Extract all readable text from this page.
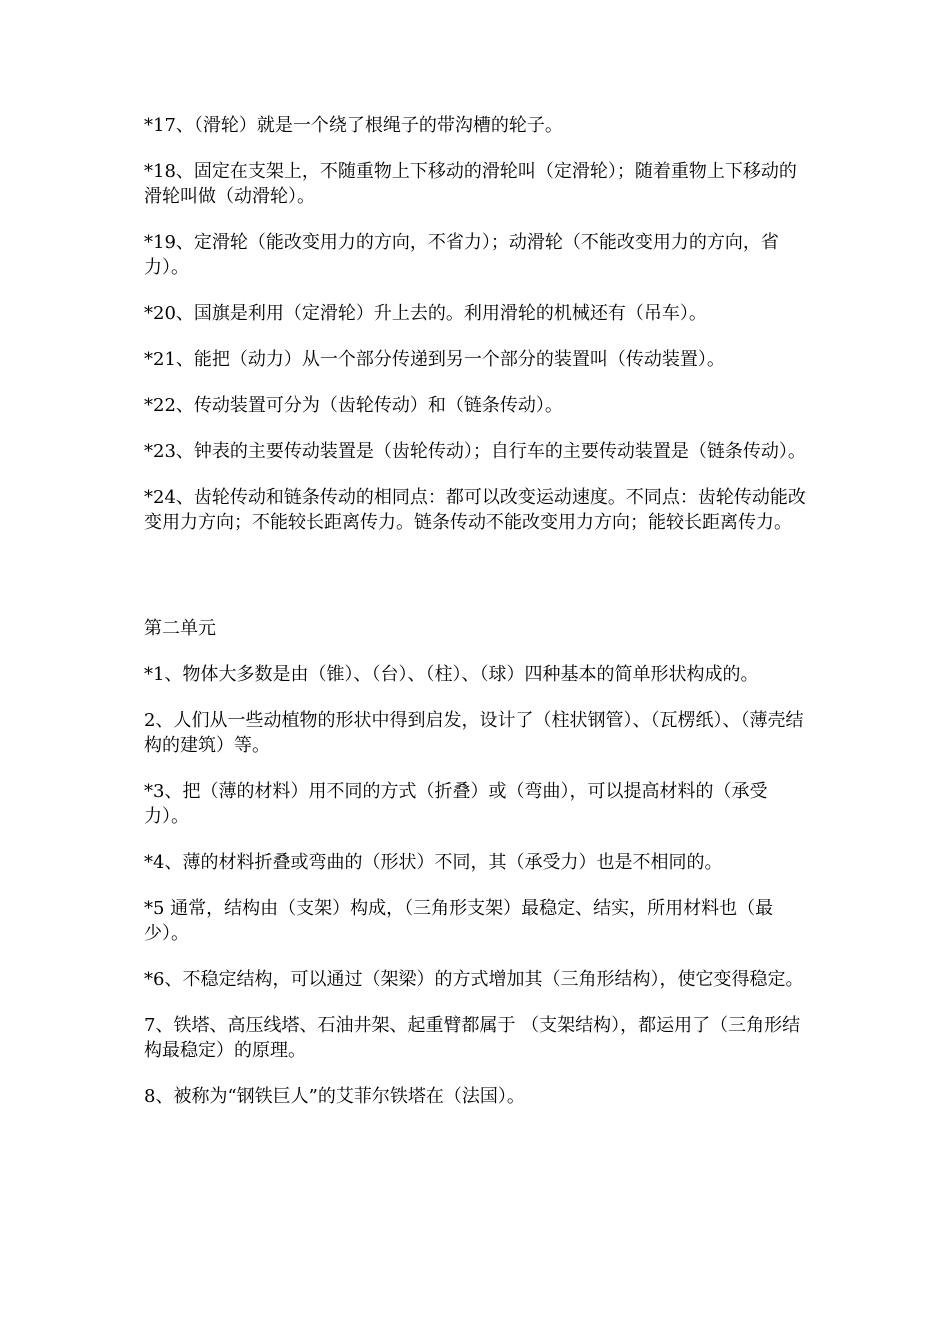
*17、（滑轮）就是一个绕了根绳子的带沟槽的轮子。

*18、固定在支架上，不随重物上下移动的滑轮叫（定滑轮）；随着重物上下移动的滑轮叫做（动滑轮）。

*19、定滑轮（能改变用力的方向，不省力）；动滑轮（不能改变用力的方向，省力）。

*20、国旗是利用（定滑轮）升上去的。利用滑轮的机械还有（吊车）。

*21、能把（动力）从一个部分传递到另一个部分的装置叫（传动装置）。

*22、传动装置可分为（齿轮传动）和（链条传动）。

*23、钟表的主要传动装置是（齿轮传动）；自行车的主要传动装置是（链条传动）。

*24、齿轮传动和链条传动的相同点：都可以改变运动速度。不同点：齿轮传动能改变用力方向；不能较长距离传力。链条传动不能改变用力方向；能较长距离传力。

第二单元

*1、物体大多数是由（锥）、（台）、（柱）、（球）四种基本的简单形状构成的。

2、人们从一些动植物的形状中得到启发，设计了（柱状钢管）、（瓦楞纸）、（薄壳结构的建筑）等。

*3、把（薄的材料）用不同的方式（折叠）或（弯曲），可以提高材料的（承受力）。

*4、薄的材料折叠或弯曲的（形状）不同，其（承受力）也是不相同的。

*5 通常，结构由（支架）构成，（三角形支架）最稳定、结实，所用材料也（最少）。

*6、不稳定结构，可以通过（架梁）的方式增加其（三角形结构），使它变得稳定。

7、铁塔、高压线塔、石油井架、起重臂都属于 （支架结构），都运用了（三角形结构最稳定）的原理。

8、被称为“钢铁巨人”的艾菲尔铁塔在（法国）。
